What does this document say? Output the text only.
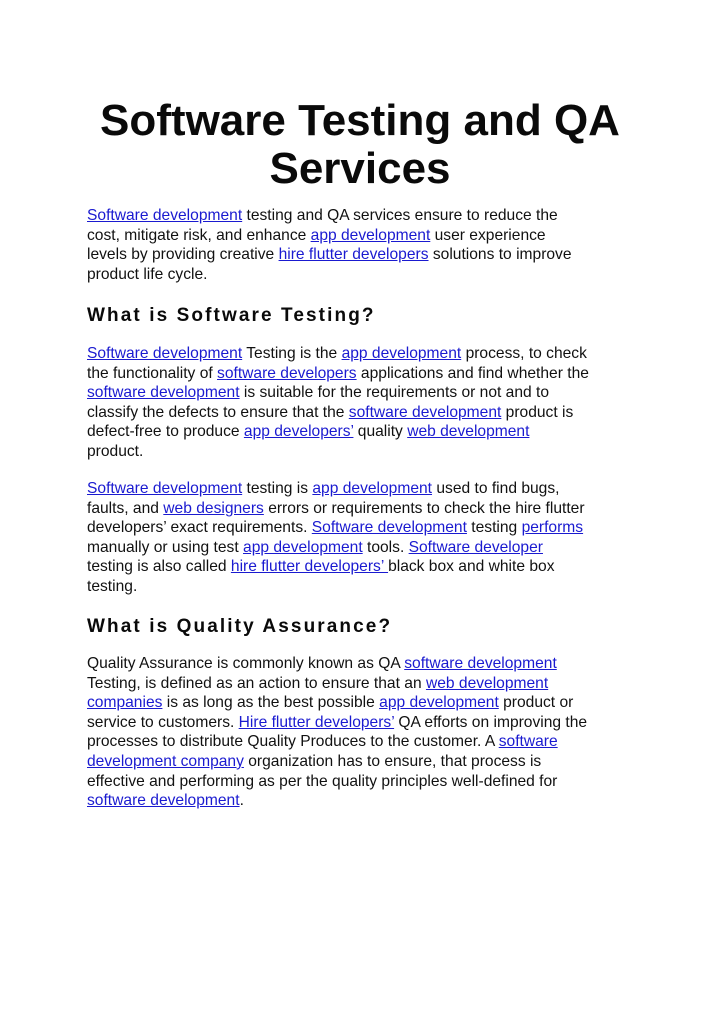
Software Testing and QA
Services
Software development testing and QA services ensure to reduce the
cost, mitigate risk, and enhance app development user experience
levels by providing creative hire flutter developers solutions to improve
product life cycle.
What is Software Testing?
Software development Testing is the app development process, to check
the functionality of software developers applications and find whether the
software development is suitable for the requirements or not and to
classify the defects to ensure that the software development product is
defect-free to produce app developers’ quality web development
product.
Software development testing is app development used to find bugs,
faults, and web designers errors or requirements to check the hire flutter
developers’ exact requirements. Software development testing performs
manually or using test app development tools. Software developer
testing is also called hire flutter developers’ black box and white box
testing.
What is Quality Assurance?
Quality Assurance is commonly known as QA software development
Testing, is defined as an action to ensure that an web development
companies is as long as the best possible app development product or
service to customers. Hire flutter developers’ QA efforts on improving the
processes to distribute Quality Produces to the customer. A software
development company organization has to ensure, that process is
effective and performing as per the quality principles well-defined for
software development.
